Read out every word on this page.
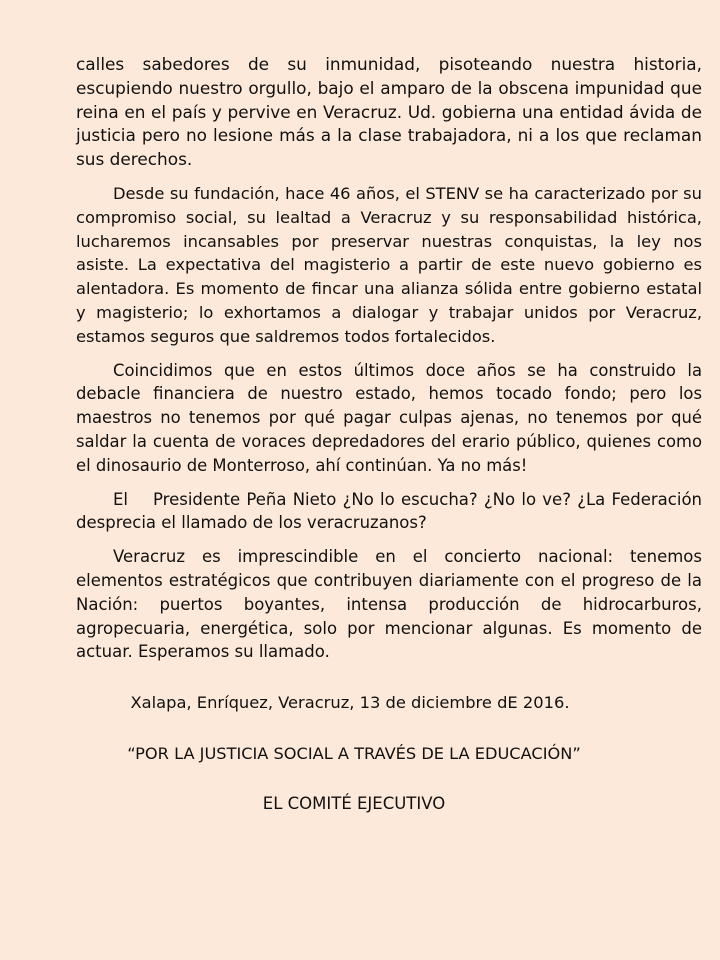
calles sabedores de su inmunidad, pisoteando nuestra historia, escupiendo nuestro orgullo, bajo el amparo de la obscena impunidad que reina en el país y pervive en Veracruz. Ud. gobierna una entidad ávida de justicia pero no lesione más a la clase trabajadora, ni a los que reclaman sus derechos.

Desde su fundación, hace 46 años, el STENV se ha caracterizado por su compromiso social, su lealtad a Veracruz y su responsabilidad histórica, lucharemos incansables por preservar nuestras conquistas, la ley nos asiste. La expectativa del magisterio a partir de este nuevo gobierno es alentadora. Es momento de fincar una alianza sólida entre gobierno estatal y magisterio; lo exhortamos a dialogar y trabajar unidos por Veracruz, estamos seguros que saldremos todos fortalecidos.

Coincidimos que en estos últimos doce años se ha construido la debacle financiera de nuestro estado, hemos tocado fondo; pero los maestros no tenemos por qué pagar culpas ajenas, no tenemos por qué saldar la cuenta de voraces depredadores del erario público, quienes como el dinosaurio de Monterroso, ahí continúan. Ya no más!

El    Presidente Peña Nieto ¿No lo escucha? ¿No lo ve? ¿La Federación desprecia el llamado de los veracruzanos?

Veracruz es imprescindible en el concierto nacional: tenemos elementos estratégicos que contribuyen diariamente con el progreso de la Nación: puertos boyantes, intensa producción de hidrocarburos, agropecuaria, energética, solo por mencionar algunas. Es momento de actuar. Esperamos su llamado.

Xalapa, Enríquez, Veracruz, 13 de diciembre dE 2016.
“POR LA JUSTICIA SOCIAL A TRAVÉS DE LA EDUCACIÓN”
EL COMITÉ EJECUTIVO
